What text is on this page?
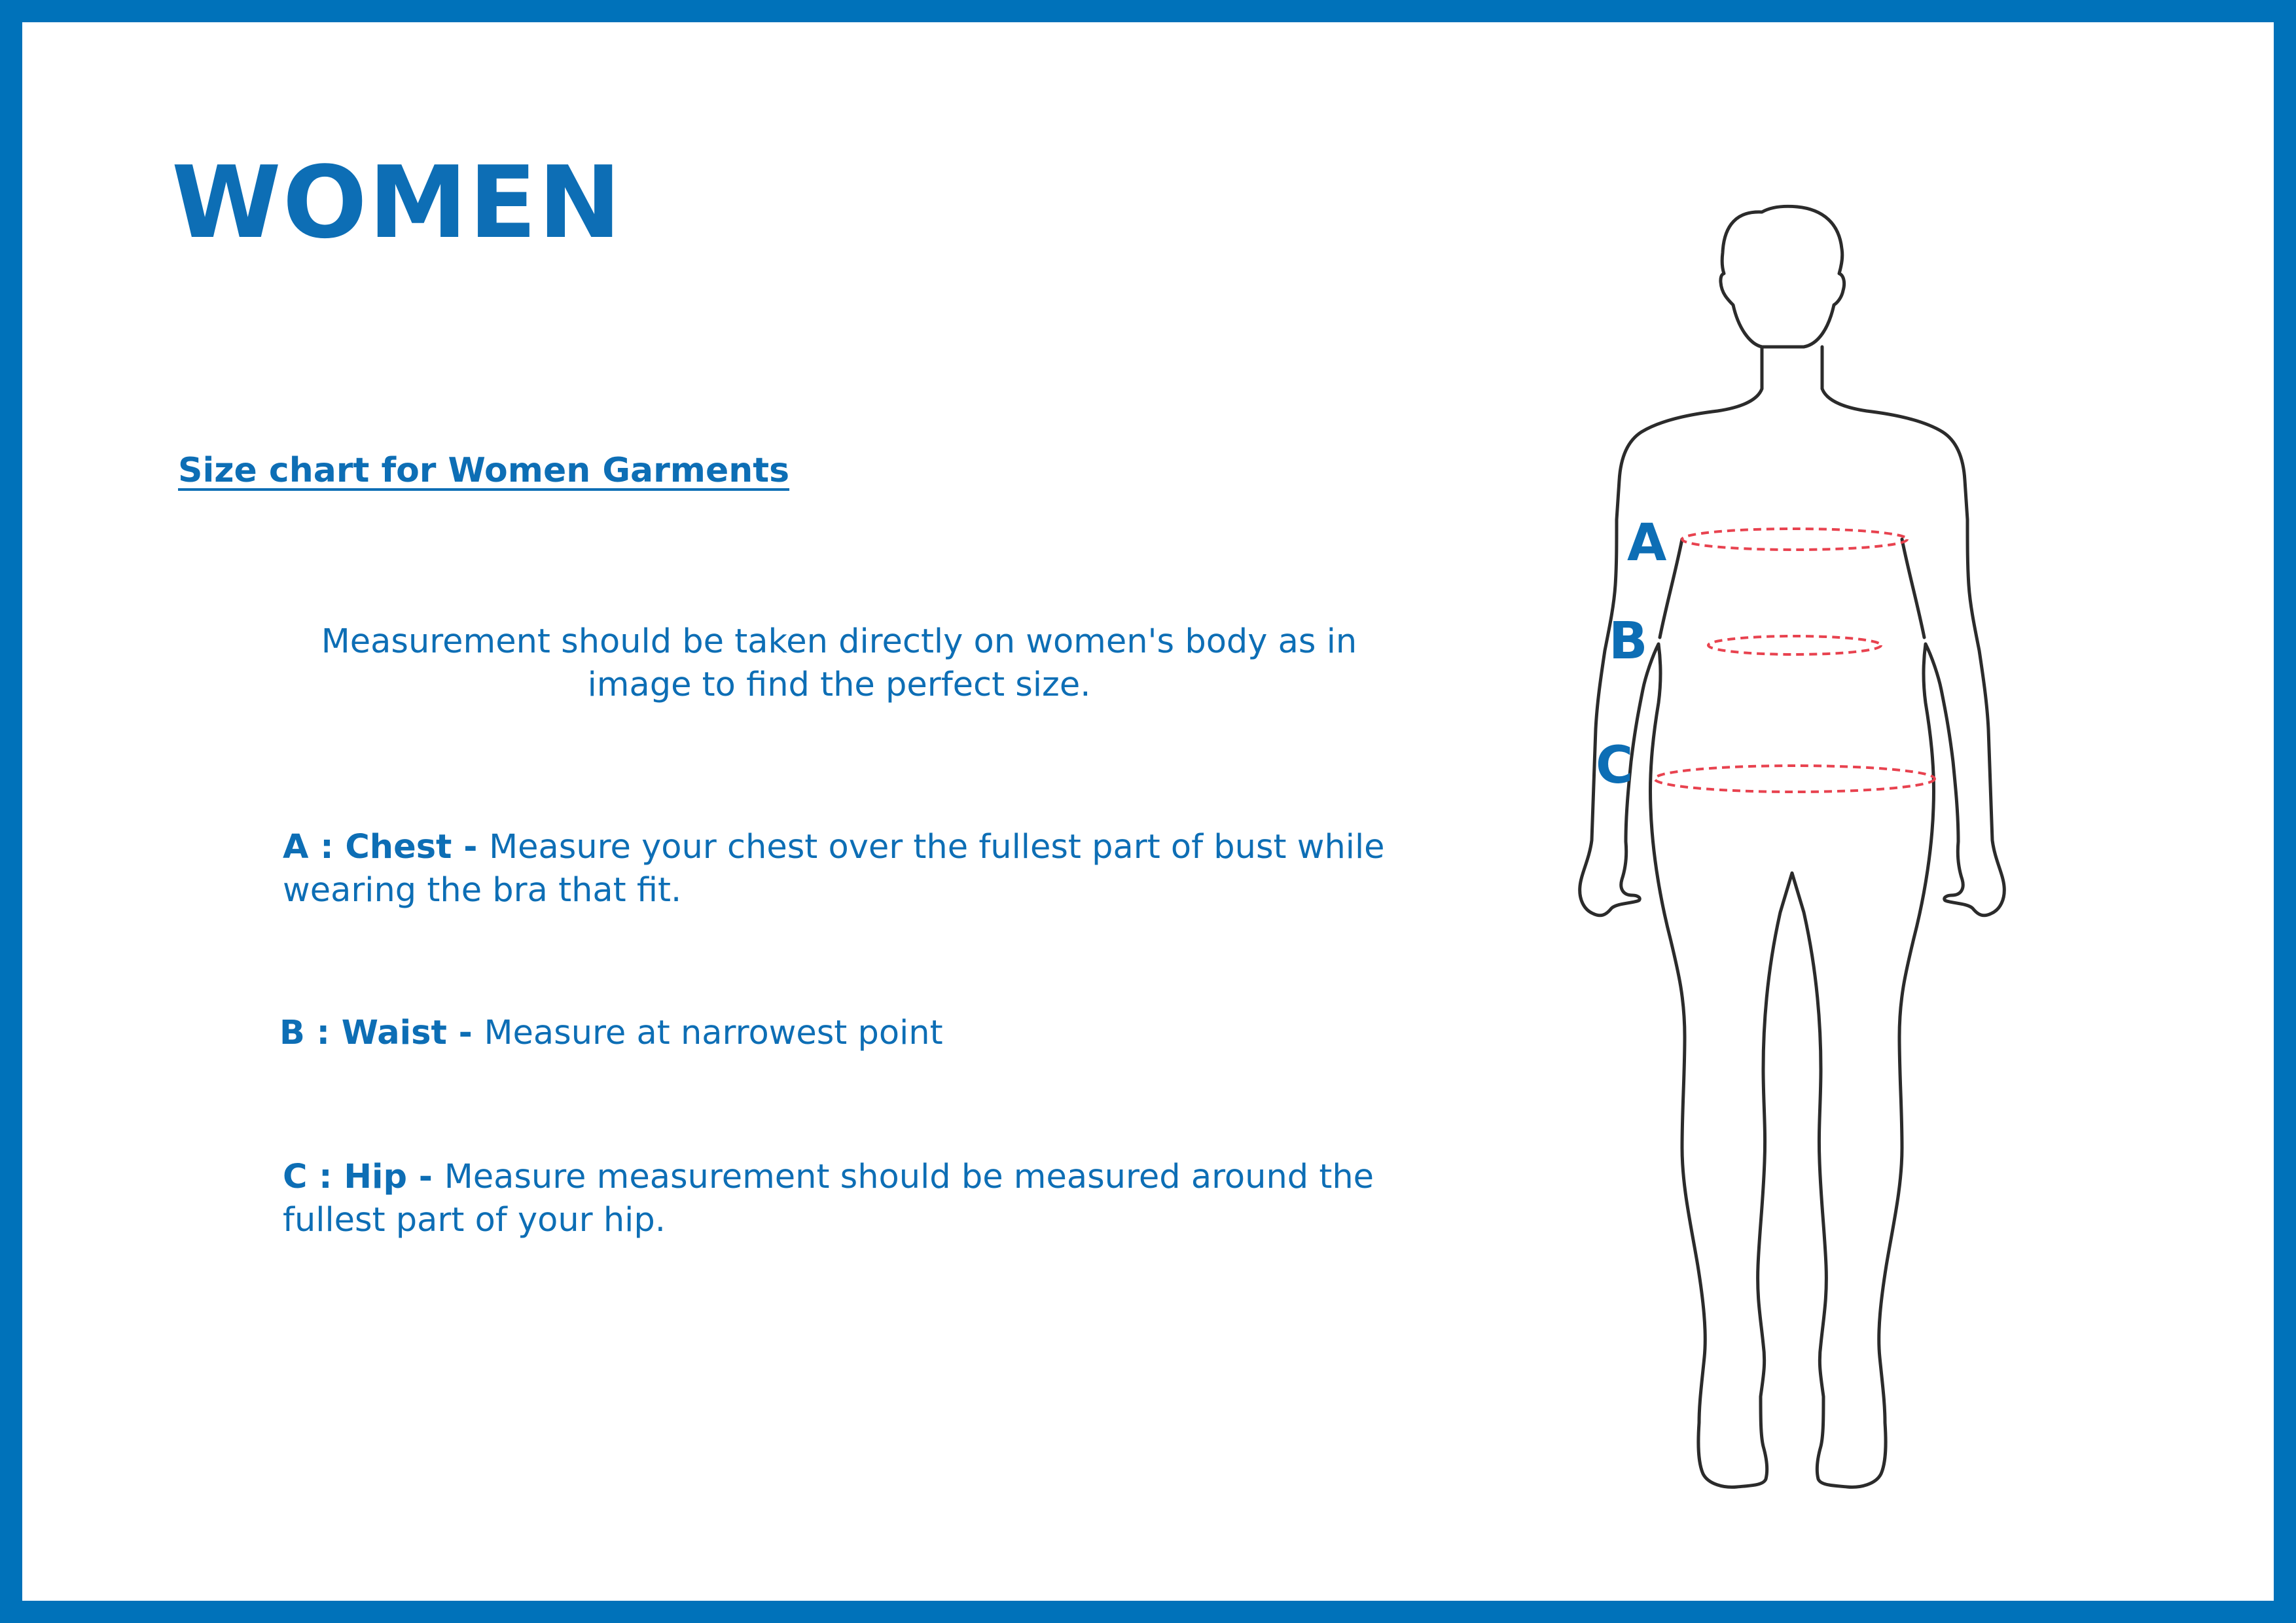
WOMEN
Size chart for Women Garments
Measurement should be taken directly on women's body as in image to find the perfect size.
A : Chest - Measure your chest over the fullest part of bust while wearing the bra that fit.
B : Waist - Measure at narrowest point
C : Hip - Measure measurement should be measured around the fullest part of your hip.
A
B
C
